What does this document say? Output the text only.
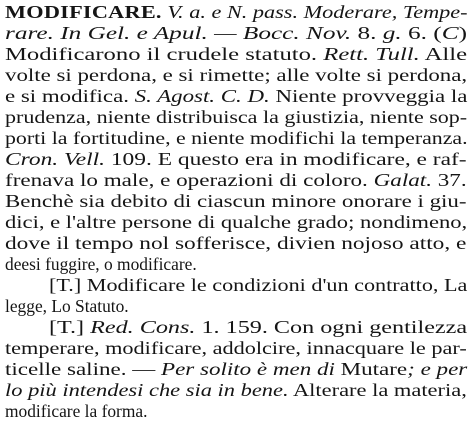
MODIFICARE. V. a. e N. pass. Moderare, Tempe-
rare. In Gel. e Apul. — Bocc. Nov. 8. g. 6. (C)
Modificarono il crudele statuto. Rett. Tull. Alle
volte si perdona, e si rimette; alle volte si perdona,
e si modifica. S. Agost. C. D. Niente provveggia la
prudenza, niente distribuisca la giustizia, niente sop-
porti la fortitudine, e niente modifichi la temperanza.
Cron. Vell. 109. E questo era in modificare, e raf-
frenava lo male, e operazioni di coloro. Galat. 37.
Benchè sia debito di ciascun minore onorare i giu-
dici, e l'altre persone di qualche grado; nondimeno,
dove il tempo nol sofferisce, divien nojoso atto, e
deesi fuggire, o modificare.
[T.] Modificare le condizioni d'un contratto, La
legge, Lo Statuto.
[T.] Red. Cons. 1. 159. Con ogni gentilezza
temperare, modificare, addolcire, innacquare le par-
ticelle saline. — Per solito è men di Mutare; e per
lo più intendesi che sia in bene. Alterare la materia,
modificare la forma.
